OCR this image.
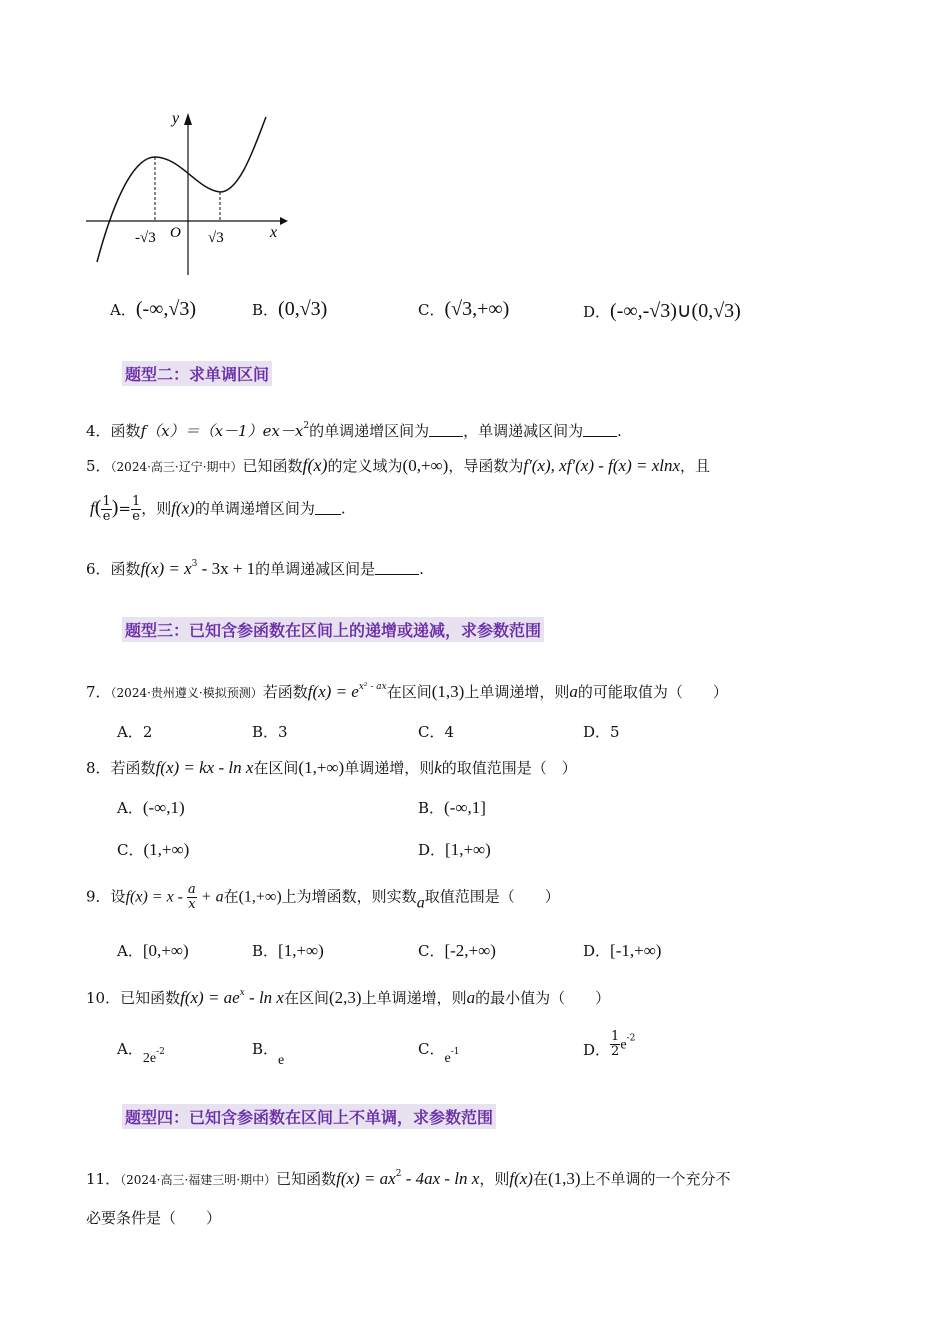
y
x
O
-√3	√3
A．(-∞,√3)	B．(0,√3)	C．(√3,+∞)	D．(-∞,-√3)∪(0,√3)
题型二：求单调区间
4．函数$f(x)=(x-1)ex-x^2$的单调递增区间为 ，单调递减区间为 .
5．（2024·高三·辽宁·期中）已知函数f(x)的定义域为(0,+∞)，导函数为f′(x), xf′(x) - f(x) = xlnx，且
$f( \frac{1}{e}$ )= $\frac{1}{e}$ ，则f(x)的单调递增区间为 .
6．函数$f(x) = x^3 - 3x + 1$的单调递减区间是	.
题型三：已知含参函数在区间上的递增或递减，求参数范围
7．（2024·贵州遵义·模拟预测）若函数$f(x) = e^{x^2 - ax}$在区间(1,3)上单调递增，则a的可能取值为（　　）
A．2	B．3	C．4	D．5
8．若函数f(x) = kx - ln x在区间(1,+∞)单调递增，则k的取值范围是（　）
A．(-∞,1)	B．(-∞,1]
C．(1,+∞)	D．[1,+∞)
9．设$f(x) = x - \frac{a}{x} + a$在(1,+∞)上为增函数，则实数a取值范围是（　　）
A．[0,+∞)	B．[1,+∞)	C．[-2,+∞)	D．[-1,+∞)
10．已知函数$f(x) = ae^x - \ln x$在区间(2,3)上单调递增，则a的最小值为（　　）
A．2e-2	B．e
C．e-1	D． $\frac{1}{2} e^{-2}$
题型四：已知含参函数在区间上不单调，求参数范围
11．（2024·高三·福建三明·期中）已知函数$f(x) = ax^2 - 4ax - \ln x$，则f(x)在(1,3)上不单调的一个充分不
必要条件是（　　）
